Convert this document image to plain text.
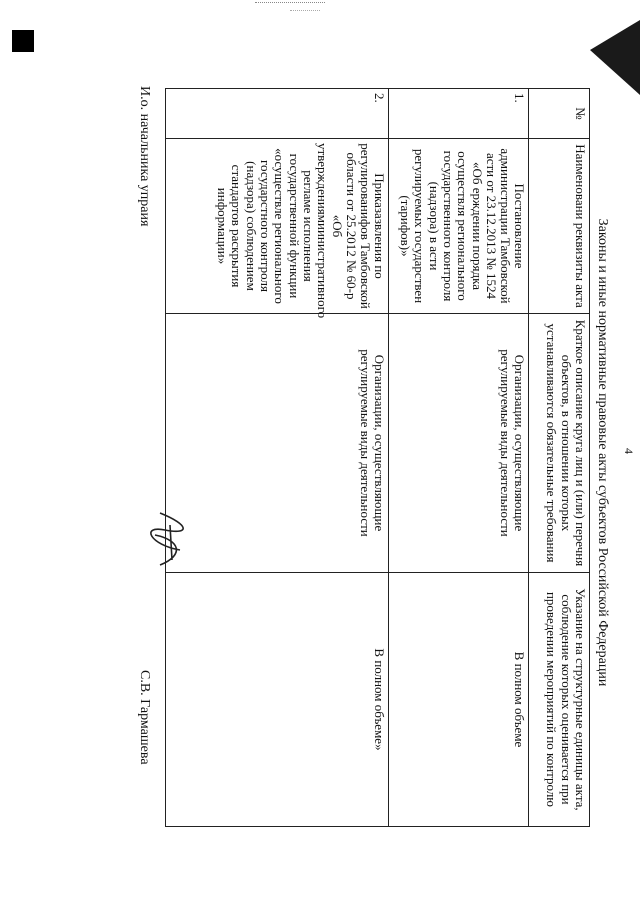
4
Законы и иные нормативные правовые акты субъектов Российской Федерации
№	Наименовани реквизиты акта	Краткое описание круга лиц и (или) перечня объектов, в отношении которых устанавливаются обязательные требования	Указание на структурные единицы акта, соблюдение которых оценивается при проведении мероприятий по контролю
1.	Постановление администрации Тамбовской асти от 23.12.2013 № 1524 «Об ерждении порядка осуществля регионального государственного контроля (надзора) в асти регулируемых государствен (тарифов)»	Организации, осуществляющие регулируемые виды деятельности	В полном объеме
2.	Приказазвления по регулированифов Тамбовской области от 25.2012 № 60-р «Об утверждениямиинистративного регламе исполнения государственной функции «осуществле регионального государстного контроля (надзора) соблюдением стандартов раскрытия информации»	Организации, осуществляющие регулируемые виды деятельности	В полном объеме»
И.о. начальника упраия
С.В. Гармашева
